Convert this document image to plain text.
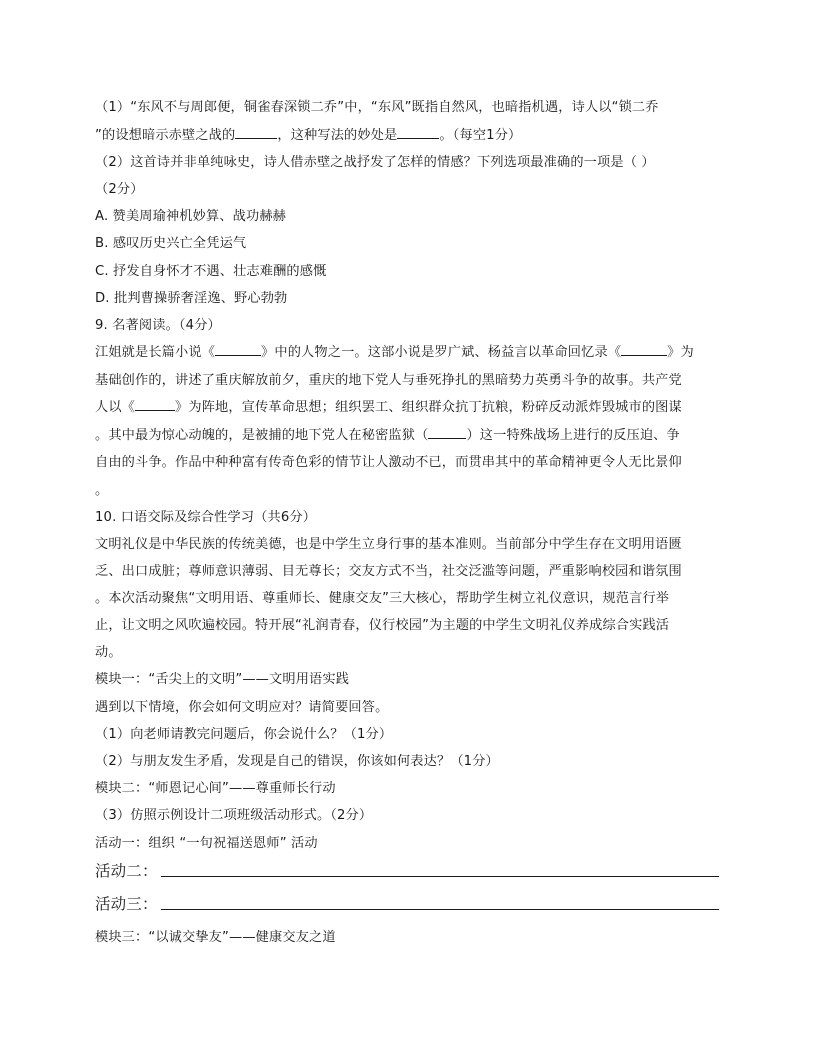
（1）“东风不与周郎便，铜雀春深锁二乔”中，“东风”既指自然风，也暗指机遇，诗人以“锁二乔
”的设想暗示赤壁之战的	，这种写法的妙处是	。（每空1分）
（2）这首诗并非单纯咏史，诗人借赤壁之战抒发了怎样的情感？下列选项最准确的一项是（ ）
（2分）
A. 赞美周瑜神机妙算、战功赫赫
B. 感叹历史兴亡全凭运气
C. 抒发自身怀才不遇、壮志难酬的感慨
D. 批判曹操骄奢淫逸、野心勃勃
9. 名著阅读。（4分）
江姐就是长篇小说《	》中的人物之一。这部小说是罗广斌、杨益言以革命回忆录《	》为
基础创作的，讲述了重庆解放前夕，重庆的地下党人与垂死挣扎的黑暗势力英勇斗争的故事。共产党
人以《	》为阵地，宣传革命思想；组织罢工、组织群众抗丁抗粮，粉碎反动派炸毁城市的图谋
。其中最为惊心动魄的，是被捕的地下党人在秘密监狱（	）这一特殊战场上进行的反压迫、争
自由的斗争。作品中种种富有传奇色彩的情节让人激动不已，而贯串其中的革命精神更令人无比景仰
。
10. 口语交际及综合性学习（共6分）
文明礼仪是中华民族的传统美德，也是中学生立身行事的基本准则。当前部分中学生存在文明用语匮
乏、出口成脏；尊师意识薄弱、目无尊长；交友方式不当，社交泛滥等问题，严重影响校园和谐氛围
。本次活动聚焦“文明用语、尊重师长、健康交友”三大核心，帮助学生树立礼仪意识，规范言行举
止，让文明之风吹遍校园。特开展“礼润青春，仪行校园”为主题的中学生文明礼仪养成综合实践活
动。
模块一：“舌尖上的文明”——文明用语实践
遇到以下情境，你会如何文明应对？请简要回答。
（1）向老师请教完问题后，你会说什么？（1分）
（2）与朋友发生矛盾，发现是自己的错误，你该如何表达？（1分）
模块二：“师恩记心间”——尊重师长行动
（3）仿照示例设计二项班级活动形式。（2分）
活动一：组织 “一句祝福送恩师” 活动
活动二：
活动三：
模块三：“以诚交挚友”——健康交友之道
